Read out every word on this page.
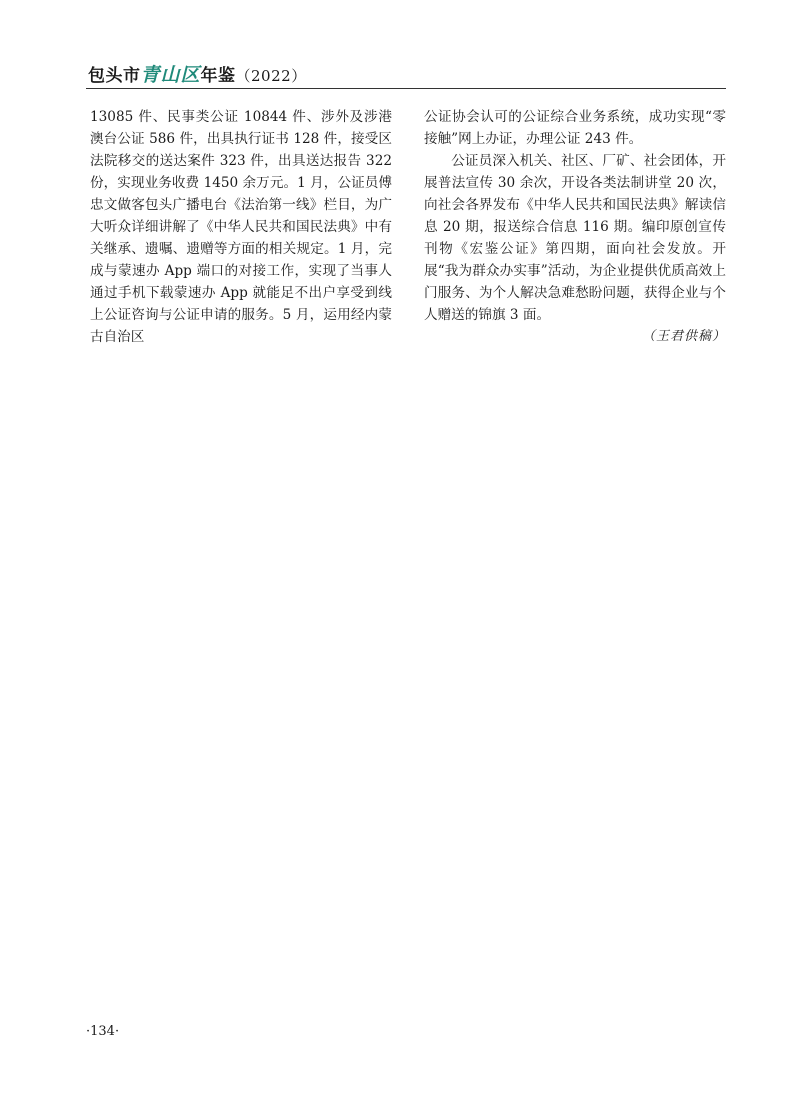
包头市青山区年鉴（2022）

13085 件、民事类公证 10844 件、涉外及涉港澳台公证 586 件，出具执行证书 128 件，接受区法院移交的送达案件 323 件，出具送达报告 322 份，实现业务收费 1450 余万元。1 月，公证员傅忠文做客包头广播电台《法治第一线》栏目，为广大听众详细讲解了《中华人民共和国民法典》中有关继承、遗嘱、遗赠等方面的相关规定。1 月，完成与蒙速办 App 端口的对接工作，实现了当事人通过手机下载蒙速办 App 就能足不出户享受到线上公证咨询与公证申请的服务。5 月，运用经内蒙古自治区

公证协会认可的公证综合业务系统，成功实现“零接触”网上办证，办理公证 243 件。

公证员深入机关、社区、厂矿、社会团体，开展普法宣传 30 余次，开设各类法制讲堂 20 次，向社会各界发布《中华人民共和国民法典》解读信息 20 期，报送综合信息 116 期。编印原创宣传刊物《宏鉴公证》第四期，面向社会发放。开展“我为群众办实事”活动，为企业提供优质高效上门服务、为个人解决急难愁盼问题，获得企业与个人赠送的锦旗 3 面。

（王君供稿）

·134·
